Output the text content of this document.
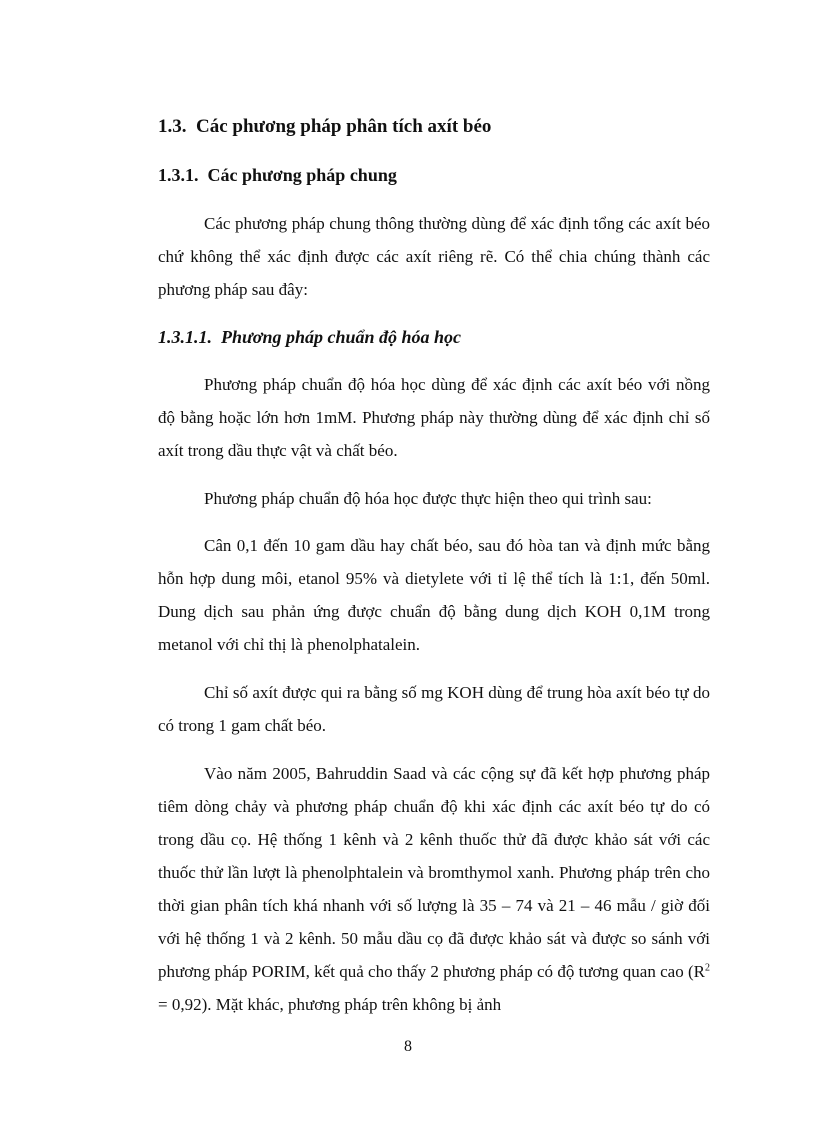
1.3. Các phương pháp phân tích axít béo
1.3.1. Các phương pháp chung

Các phương pháp chung thông thường dùng để xác định tổng các axít béo chứ không thể xác định được các axít riêng rẽ. Có thể chia chúng thành các phương pháp sau đây:

1.3.1.1. Phương pháp chuẩn độ hóa học

Phương pháp chuẩn độ hóa học dùng để xác định các axít béo với nồng độ bằng hoặc lớn hơn 1mM. Phương pháp này thường dùng để xác định chỉ số axít trong dầu thực vật và chất béo.

Phương pháp chuẩn độ hóa học được thực hiện theo qui trình sau:

Cân 0,1 đến 10 gam dầu hay chất béo, sau đó hòa tan và định mức bằng hỗn hợp dung môi, etanol 95% và dietylete với tỉ lệ thể tích là 1:1, đến 50ml. Dung dịch sau phản ứng được chuẩn độ bằng dung dịch KOH 0,1M trong metanol với chỉ thị là phenolphatalein.

Chỉ số axít được qui ra bằng số mg KOH dùng để trung hòa axít béo tự do có trong 1 gam chất béo.

Vào năm 2005, Bahruddin Saad và các cộng sự đã kết hợp phương pháp tiêm dòng chảy và phương pháp chuẩn độ khi xác định các axít béo tự do có trong dầu cọ. Hệ thống 1 kênh và 2 kênh thuốc thử đã được khảo sát với các thuốc thử lần lượt là phenolphtalein và bromthymol xanh. Phương pháp trên cho thời gian phân tích khá nhanh với số lượng là 35 – 74 và 21 – 46 mẫu / giờ đối với hệ thống 1 và 2 kênh. 50 mẫu dầu cọ đã được khảo sát và được so sánh với phương pháp PORIM, kết quả cho thấy 2 phương pháp có độ tương quan cao $(R^2 = 0,92)$. Mặt khác, phương pháp trên không bị ảnh

8
